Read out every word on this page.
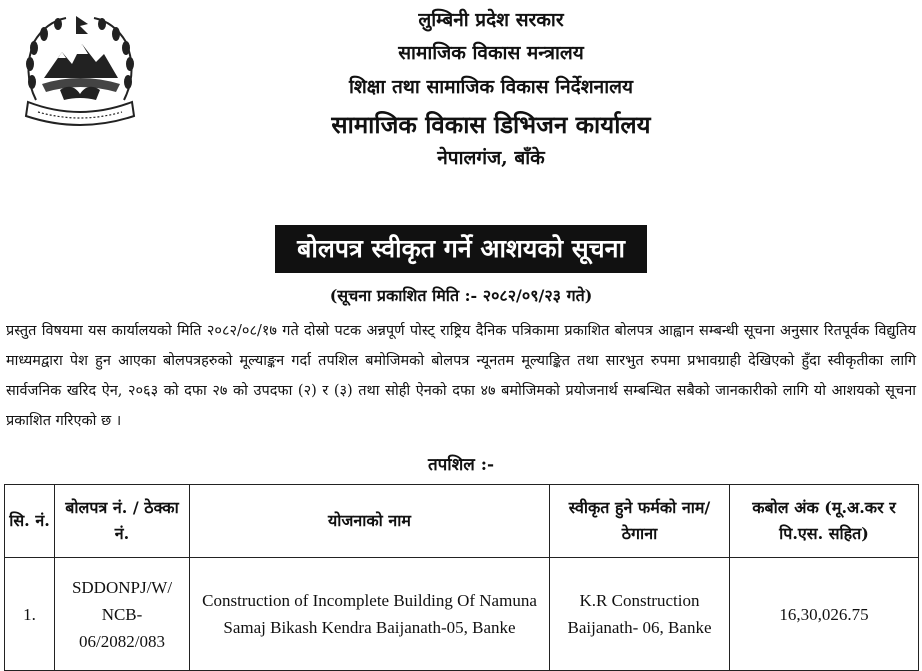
लुम्बिनी प्रदेश सरकार
सामाजिक विकास मन्त्रालय
शिक्षा तथा सामाजिक विकास निर्देशनालय
सामाजिक विकास डिभिजन कार्यालय
नेपालगंज, बाँके
बोलपत्र स्वीकृत गर्ने आशयको सूचना
(सूचना प्रकाशित मिति :- २०८२/०९/२३ गते)
प्रस्तुत विषयमा यस कार्यालयको मिति २०८२/०८/१७ गते दोस्रो पटक अन्नपूर्ण पोस्ट् राष्ट्रिय दैनिक पत्रिकामा प्रकाशित बोलपत्र आह्वान सम्बन्धी सूचना अनुसार रितपूर्वक विद्युतिय माध्यमद्वारा पेश हुन आएका बोलपत्रहरुको मूल्याङ्कन गर्दा तपशिल बमोजिमको बोलपत्र न्यूनतम मूल्याङ्कित तथा सारभुत रुपमा प्रभावग्राही देखिएको हुँदा स्वीकृतीका लागि सार्वजनिक खरिद ऐन, २०६३ को दफा २७ को उपदफा (२) र (३) तथा सोही ऐनको दफा ४७ बमोजिमको प्रयोजनार्थ सम्बन्धित सबैको जानकारीको लागि यो आशयको सूचना प्रकाशित गरिएको छ ।
तपशिल :-
सि. नं.	बोलपत्र नं. / ठेक्का नं.	योजनाको नाम	स्वीकृत हुने फर्मको नाम/ठेगाना	कबोल अंक (मू.अ.कर र पि.एस. सहित)
1.	SDDONPJ/W/ NCB- 06/2082/083	Construction of Incomplete Building Of Namuna Samaj Bikash Kendra Baijanath-05, Banke	K.R Construction Baijanath- 06, Banke	16,30,026.75
